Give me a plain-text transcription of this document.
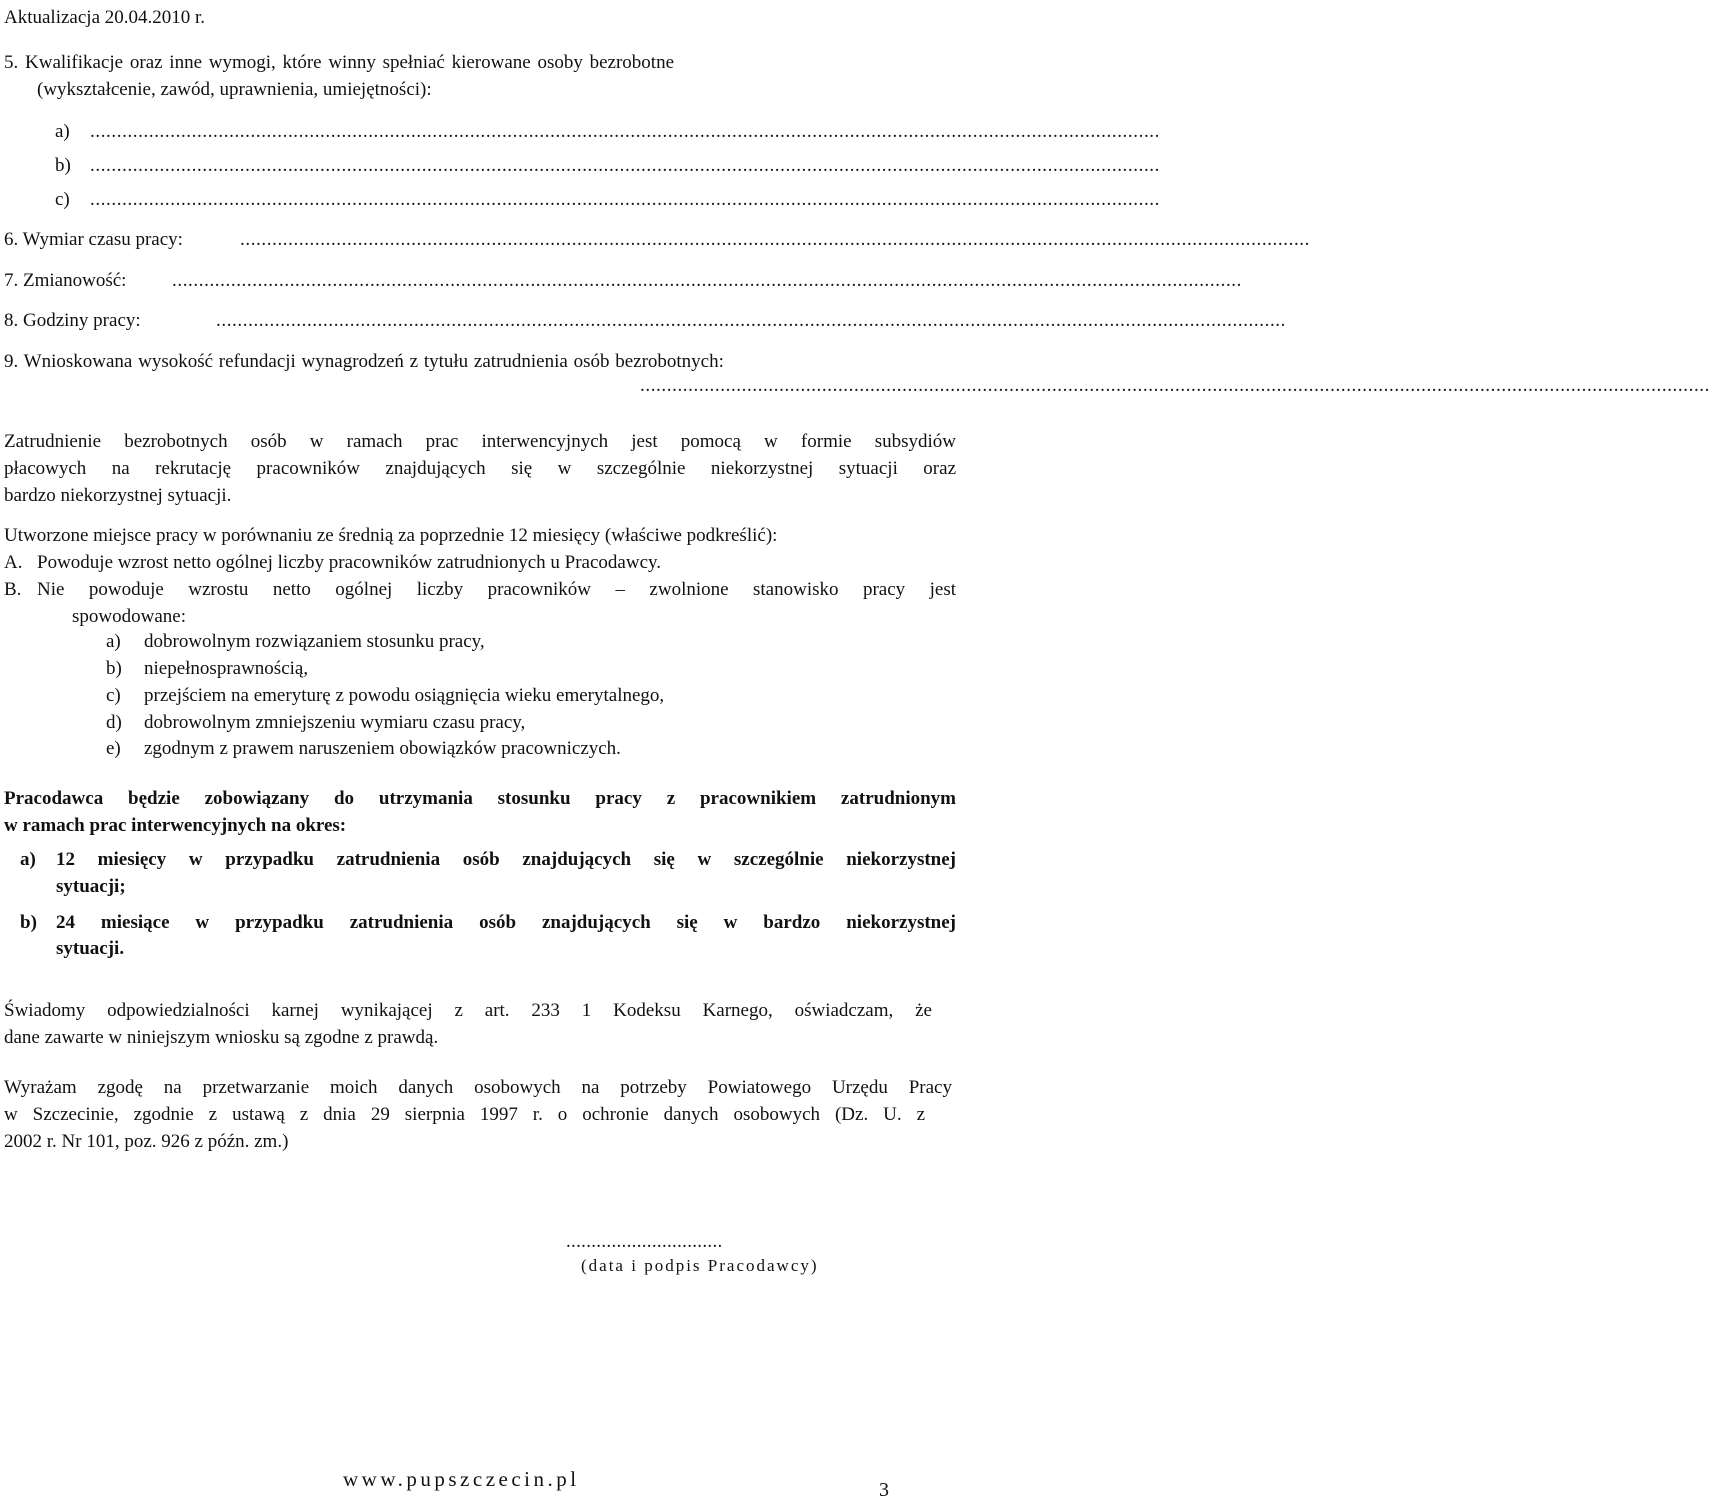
Aktualizacja 20.04.2010 r.
5. Kwalifikacje oraz inne wymogi, które winny spełniać kierowane osoby bezrobotne
(wykształcenie, zawód, uprawnienia, umiejętności):
a) ........................................................................................................................................................................................................
b) ........................................................................................................................................................................................................
c) ........................................................................................................................................................................................................
6. Wymiar czasu pracy:	........................................................................................................................................................................................................
7. Zmianowość: ........................................................................................................................................................................................................
8. Godziny pracy:	........................................................................................................................................................................................................
9. Wnioskowana wysokość refundacji wynagrodzeń z tytułu zatrudnienia osób bezrobotnych:
........................................................................................................................................................................................................
Zatrudnienie bezrobotnych osób w ramach prac interwencyjnych jest pomocą w formie subsydiów
płacowych na rekrutację pracowników znajdujących się w szczególnie niekorzystnej sytuacji oraz
bardzo niekorzystnej sytuacji.
Utworzone miejsce pracy w porównaniu ze średnią za poprzednie 12 miesięcy (właściwe podkreślić):
A. Powoduje wzrost netto ogólnej liczby pracowników zatrudnionych u Pracodawcy.
B. Nie powoduje wzrostu netto ogólnej liczby pracowników – zwolnione stanowisko pracy jest
spowodowane:
a) dobrowolnym rozwiązaniem stosunku pracy,
b) niepełnosprawnością,
c) przejściem na emeryturę z powodu osiągnięcia wieku emerytalnego,
d) dobrowolnym zmniejszeniu wymiaru czasu pracy,
e) zgodnym z prawem naruszeniem obowiązków pracowniczych.
Pracodawca będzie zobowiązany do utrzymania stosunku pracy z pracownikiem zatrudnionym
w ramach prac interwencyjnych na okres:
a) 12 miesięcy w przypadku zatrudnienia osób znajdujących się w szczególnie niekorzystnej
sytuacji;
b) 24 miesiące w przypadku zatrudnienia osób znajdujących się w bardzo niekorzystnej
sytuacji.
Świadomy odpowiedzialności karnej wynikającej z art. 233 1 Kodeksu Karnego, oświadczam, że
dane zawarte w niniejszym wniosku są zgodne z prawdą.
Wyrażam zgodę na przetwarzanie moich danych osobowych na potrzeby Powiatowego Urzędu Pracy
w Szczecinie, zgodnie z ustawą z dnia 29 sierpnia 1997 r. o ochronie danych osobowych (Dz. U. z
2002 r. Nr 101, poz. 926 z późn. zm.)
...............................
(data i podpis Pracodawcy)
www.pupszczecin.pl	3
